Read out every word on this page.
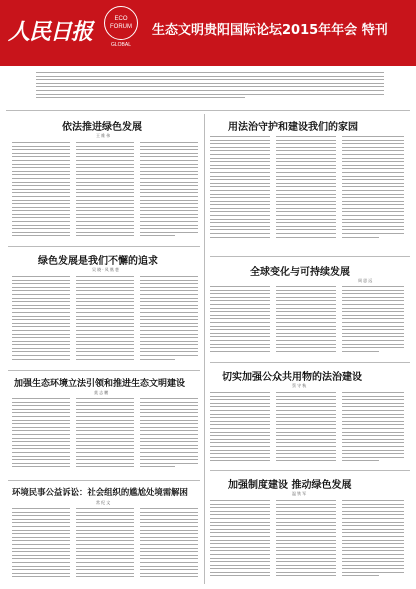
人民日报	ECO
FORUM
GLOBAL
生态文明贵阳国际论坛2015年年会 特刊
依法推进绿色发展
王 维 伟
用法治守护和建设我们的家园
绿色发展是我们不懈的追求
吴 晓 · 凤 凰 巷	全球变化与可持续发展
周 思 远
加强生态环境立法引领和推进生态文明建设
莫 志 鹏
切实加强公众共用物的法治建设
蔡 守 秋
环境民事公益诉讼：社会组织的尴尬处境需解困
常 纪 文
加强制度建设 推动绿色发展
温 铁 军
